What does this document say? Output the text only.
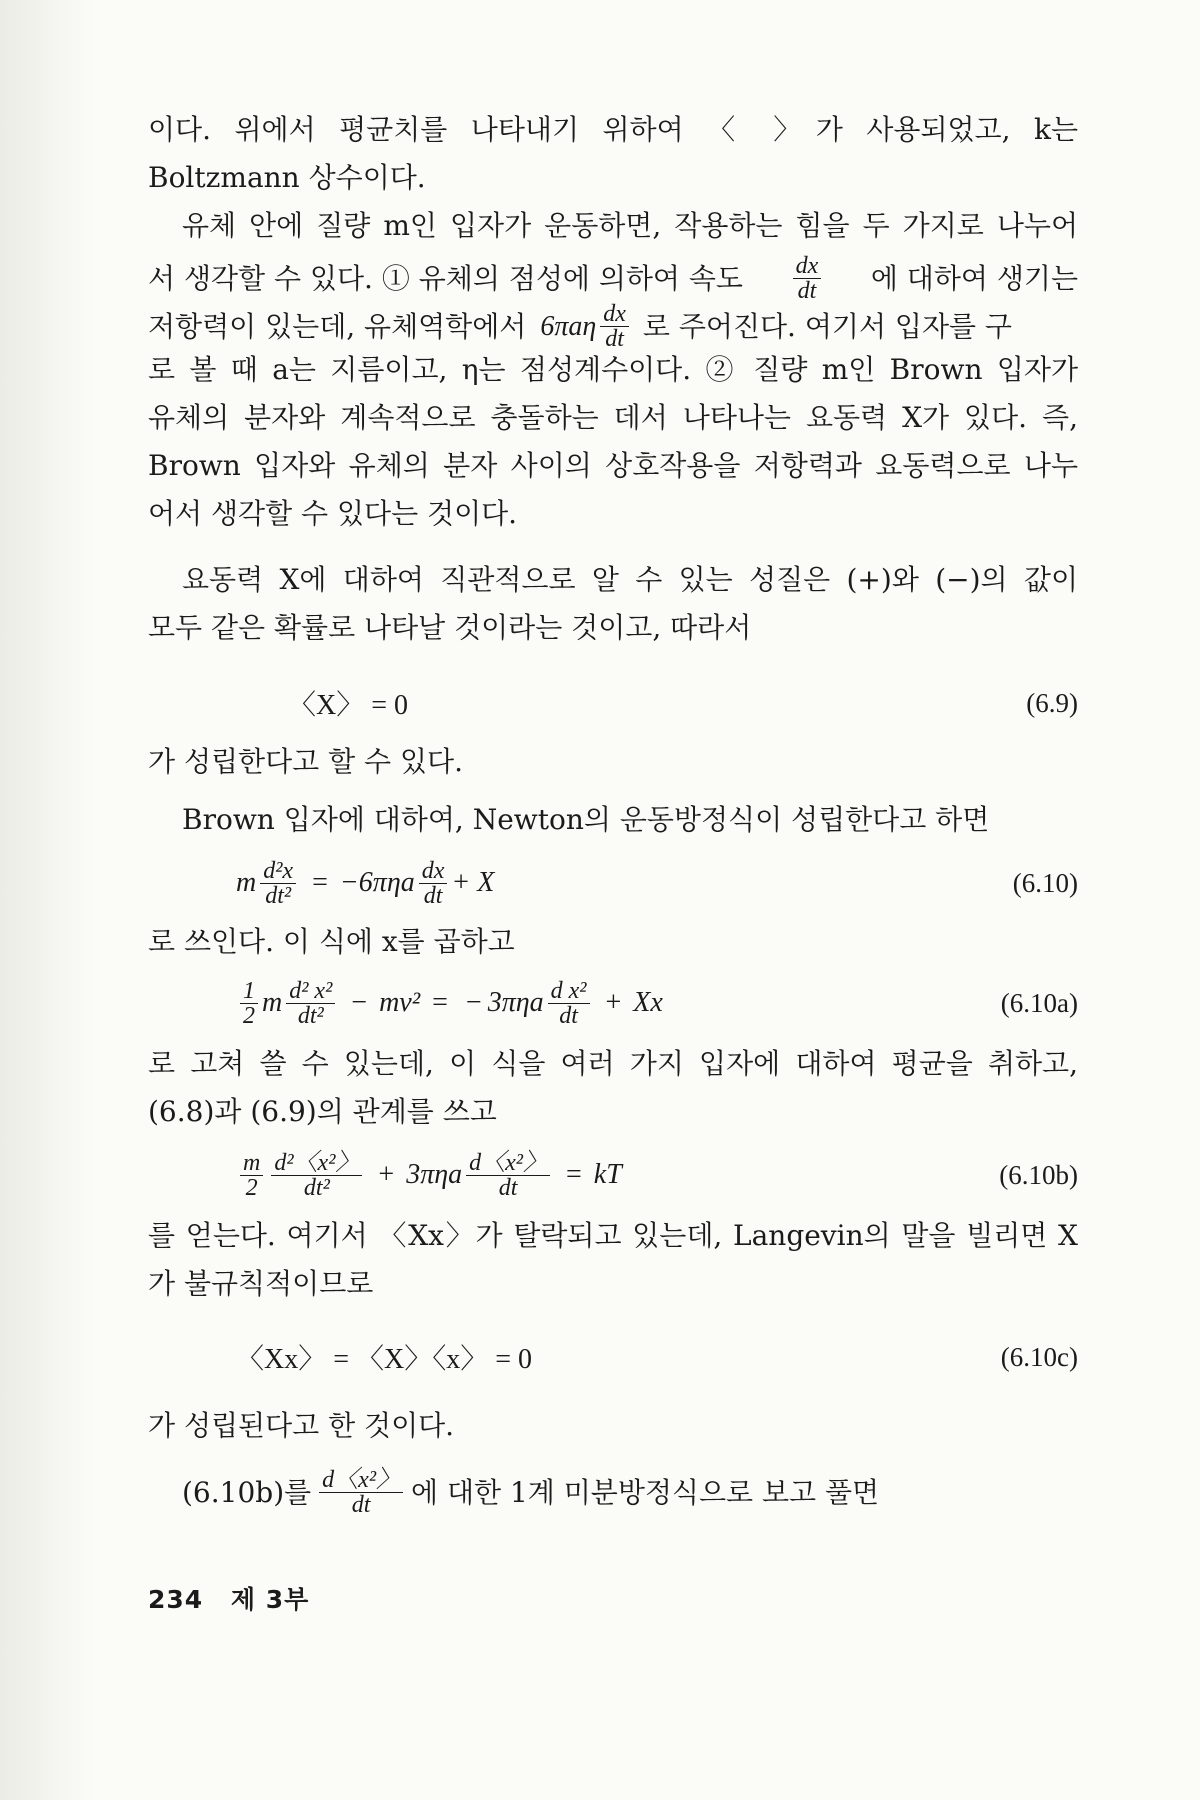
이다. 위에서 평균치를 나타내기 위하여 〈 〉가 사용되었고, k는
Boltzmann 상수이다.
유체 안에 질량 m인 입자가 운동하면, 작용하는 힘을 두 가지로 나누어
서 생각할 수 있다. ① 유체의 점성에 의하여 속도 $\frac{dx}{dt}$ 에 대하여 생기는
저항력이 있는데, 유체역학에서 $6\pi a\eta \frac{dx}{dt}$ 로 주어진다. 여기서 입자를 구
로 볼 때 a는 지름이고, η는 점성계수이다. ② 질량 m인 Brown 입자가
유체의 분자와 계속적으로 충돌하는 데서 나타나는 요동력 X가 있다. 즉,
Brown 입자와 유체의 분자 사이의 상호작용을 저항력과 요동력으로 나누
어서 생각할 수 있다는 것이다.
요동력 X에 대하여 직관적으로 알 수 있는 성질은 (+)와 (−)의 값이
모두 같은 확률로 나타날 것이라는 것이고, 따라서
〈X〉 = 0	(6.9)
가 성립한다고 할 수 있다.
Brown 입자에 대하여, Newton의 운동방정식이 성립한다고 하면
m $\frac{\text{d²x}}{\text{dt²}} = -6\pi\eta a \frac{dx}{dt} + X$	(6.10)
로 쓰인다. 이 식에 x를 곱하고
$\frac{1}{2}$ m $\frac{\text{d² x²}}{\text{dt²}} - mv^2$ = − $3\pi\eta a \frac{\text{d x²}}{dt} + Xx$	(6.10a)
로 고쳐 쓸 수 있는데, 이 식을 여러 가지 입자에 대하여 평균을 취하고,
(6.8)과 (6.9)의 관계를 쓰고
$\frac{m}{2} \frac{\text{d²〈x²〉}}{\text{dt²}} + 3\pi\eta a \frac{\text{d〈x²〉}}{dt}$ = kT	(6.10b)
를 얻는다. 여기서 〈Xx〉가 탈락되고 있는데, Langevin의 말을 빌리면 X
가 불규칙적이므로
〈Xx〉 = 〈X〉〈x〉 = 0	(6.10c)
가 성립된다고 한 것이다.
(6.10b)를 $\frac{\text{d〈x²〉}}{dt}$ 에 대한 1계 미분방정식으로 보고 풀면
234 제 3부
